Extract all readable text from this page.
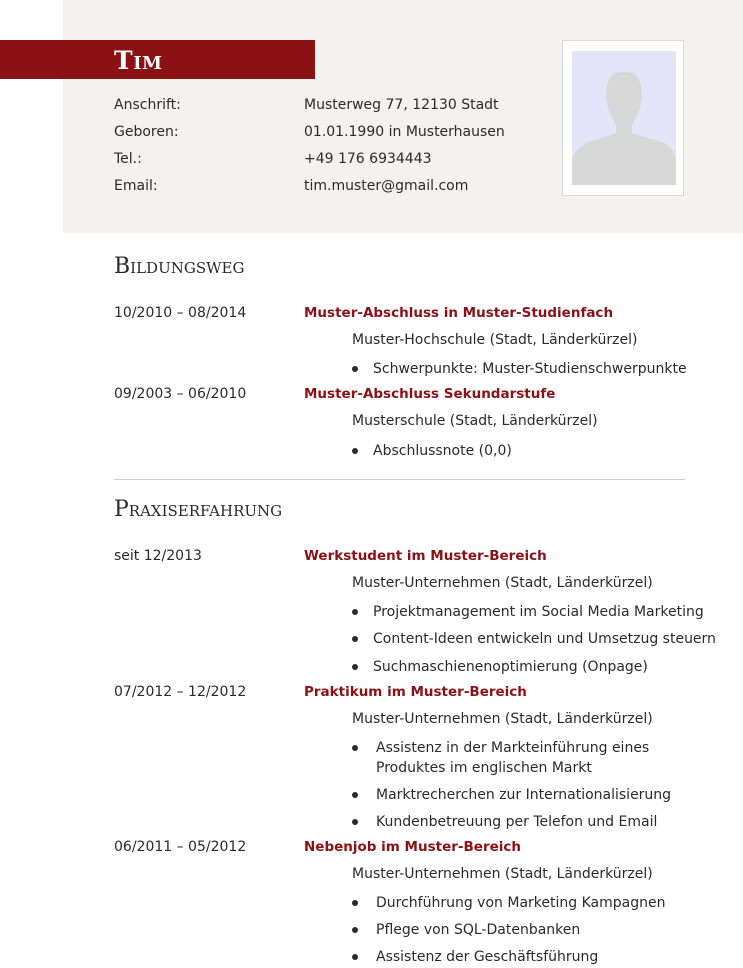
Tim
Anschrift:	Musterweg 77, 12130 Stadt
Geboren:	01.01.1990 in Musterhausen
Tel.:	+49 176 6934443
Email:	tim.muster@gmail.com
Bildungsweg
10/2010 – 08/2014	Muster-Abschluss in Muster-Studienfach
Muster-Hochschule (Stadt, Länderkürzel)
Schwerpunkte: Muster-Studienschwerpunkte
09/2003 – 06/2010	Muster-Abschluss Sekundarstufe
Musterschule (Stadt, Länderkürzel)
Abschlussnote (0,0)
Praxiserfahrung
seit 12/2013	Werkstudent im Muster-Bereich
Muster-Unternehmen (Stadt, Länderkürzel)
Projektmanagement im Social Media Marketing
Content-Ideen entwickeln und Umsetzug steuern
Suchmaschienenoptimierung (Onpage)
07/2012 – 12/2012	Praktikum im Muster-Bereich
Muster-Unternehmen (Stadt, Länderkürzel)
Assistenz in der Markteinführung eines
Produktes im englischen Markt
Marktrecherchen zur Internationalisierung
Kundenbetreuung per Telefon und Email
06/2011 – 05/2012	Nebenjob im Muster-Bereich
Muster-Unternehmen (Stadt, Länderkürzel)
Durchführung von Marketing Kampagnen
Pflege von SQL-Datenbanken
Assistenz der Geschäftsführung
